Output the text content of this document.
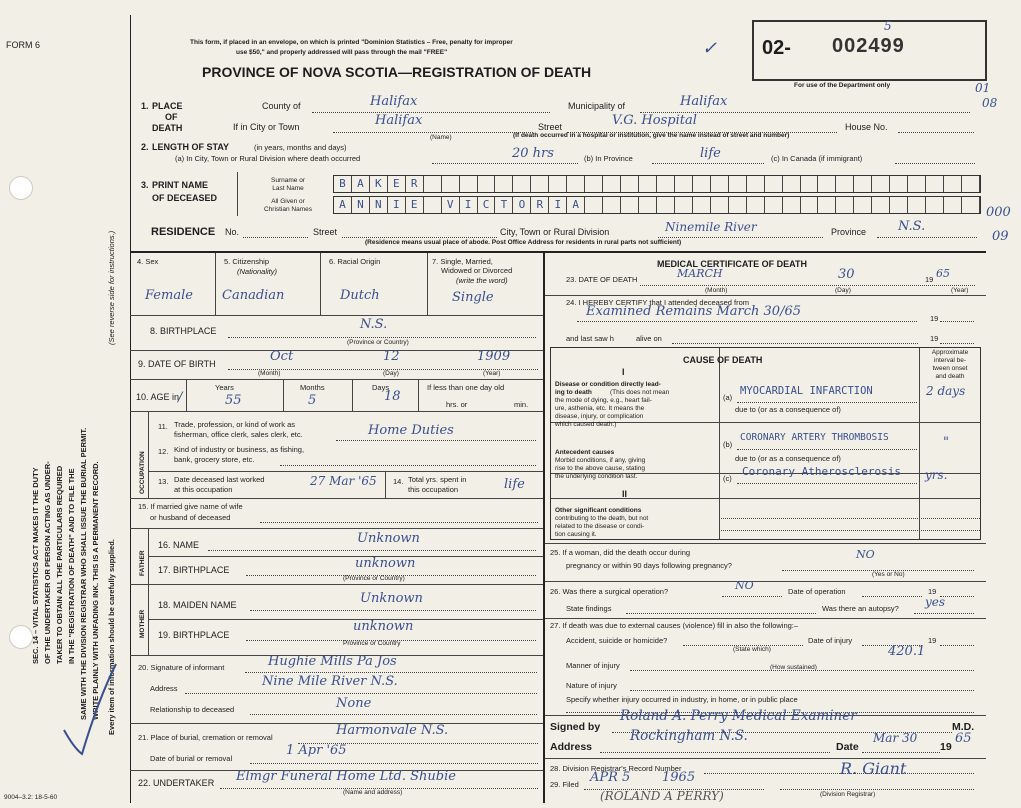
FORM 6	This form, if placed in an envelope, on which is printed "Dominion Statistics – Free, penalty for improper
use $50," and properly addressed will pass through the mail "FREE"
PROVINCE OF NOVA SCOTIA—REGISTRATION OF DEATH
✓ 02- 002499
5
For use of the Department only	01
08
000
09
SEC. 14 – VITAL STATISTICS ACT MAKES IT THE DUTY OF THE UNDERTAKER OR PERSON ACTING AS UNDER- TAKER TO OBTAIN ALL THE PARTICULARS REQUIRED IN THE "REGISTRATION OF DEATH" AND TO FILE THE SAME WITH THE DIVISION REGISTRAR WHO SHALL ISSUE THE BURIAL PERMIT. WRITE PLAINLY WITH UNFADING INK. THIS IS A PERMANENT RECORD.
(See reverse side for instructions.)
Every item of information should be carefully supplied.
1. PLACE
OF
DEATH
County of	Halifax	Municipality of	Halifax
If in City or Town	Halifax
(Name)
Street	V.G. Hospital	House No.
(If death occurred in a hospital or institution, give the name instead of street and number)
2. LENGTH OF STAY	(in years, months and days)
(a) In City, Town or Rural Division where death occurred	20 hrs	(b) In Province	life	(c) In Canada (if immigrant)
3. PRINT NAME
OF DECEASED
Surname or
Last Name
All Given or
Christian Names
B	A	K	E	R
A	N	N	I	E	V	I	C	T	O	R	I	A
RESIDENCE No.	Street	City, Town or Rural Division	Ninemile River	Province N.S.
(Residence means usual place of abode. Post Office Address for residents in rural parts not sufficient)
4. Sex
Female
5. Citizenship
(Nationality)
Canadian
6. Racial Origin
Dutch
7. Single, Married,
Widowed or Divorced
(write the word)
Single
8. BIRTHPLACE	N.S.
(Province or Country)
9. DATE OF BIRTH	Oct	12	1909
(Month)	(Day)	(Year)
10. AGE in
Years
55
/
Months
5
Days
18
If less than one day old
hrs. or	min.
OCCUPATION
11. Trade, profession, or kind of work as
fisherman, office clerk, sales clerk, etc.	Home Duties
12. Kind of industry or business, as fishing,
bank, grocery store, etc.
13. Date deceased last worked
at this occupation
27 Mar '65 14. Total yrs. spent in
this occupation	life
15. If married give name of wife
or husband of deceased
FATHER
16. NAME	Unknown
17. BIRTHPLACE	unknown
(Province or Country)
MOTHER
18. MAIDEN NAME	Unknown
19. BIRTHPLACE
unknown
Province or Country
20. Signature of informant	Hughie Mills Pa Jos
Address	Nine Mile River N.S.
Relationship to deceased	None
21. Place of burial, cremation or removal	Harmonvale N.S.
Date of burial or removal
1 Apr '65
22. UNDERTAKER Elmgr Funeral Home Ltd. Shubie
(Name and address)
MEDICAL CERTIFICATE OF DEATH
23. DATE OF DEATH	MARCH	30	19 65
(Month)	(Day)	(Year)
24. I HEREBY CERTIFY that I attended deceased from
Examined Remains March 30/65	19
and last saw h	alive on	19
CAUSE OF DEATH
Approximate
interval be-
tween onset
and death
I
Disease or condition directly lead-
ing to death	(This does not mean
the mode of dying, e.g., heart fail-
ure, asthenia, etc. It means the
disease, injury, or complication
which caused death.)
(a)
MYOCARDIAL INFARCTION	2 days
due to (or as a consequence of)
Antecedent causes
Morbid conditions, if any, giving
rise to the above cause, stating
the underlying condition last.
(b)
CORONARY ARTERY THROMBOSIS	"
due to (or as a consequence of)
(c)
Coronary Atherosclerosis yrs.
II
Other significant conditions
contributing to the death, but not
related to the disease or condi-
tion causing it.
25. If a woman, did the death occur during
pregnancy or within 90 days following pregnancy?
NO
(Yes or No)
26. Was there a surgical operation?	NO	Date of operation	19
State findings	Was there an autopsy? yes
27. If death was due to external causes (violence) fill in also the following:–
Accident, suicide or homicide?	Date of injury	19
(State which)	420.1
Manner of injury	(How sustained)
Nature of injury
Specify whether injury occurred in industry, in home, or in public place
Signed by
Roland A. Perry Medical Examiner
M.D.
Address
Rockingham N.S.
Date
Mar 30
19
65
28. Division Registrar's Record Number
29. Filed APR 5 1965	R. Giant
(Division Registrar)
(ROLAND A PERRY)
9004–3.2: 18-5-60
